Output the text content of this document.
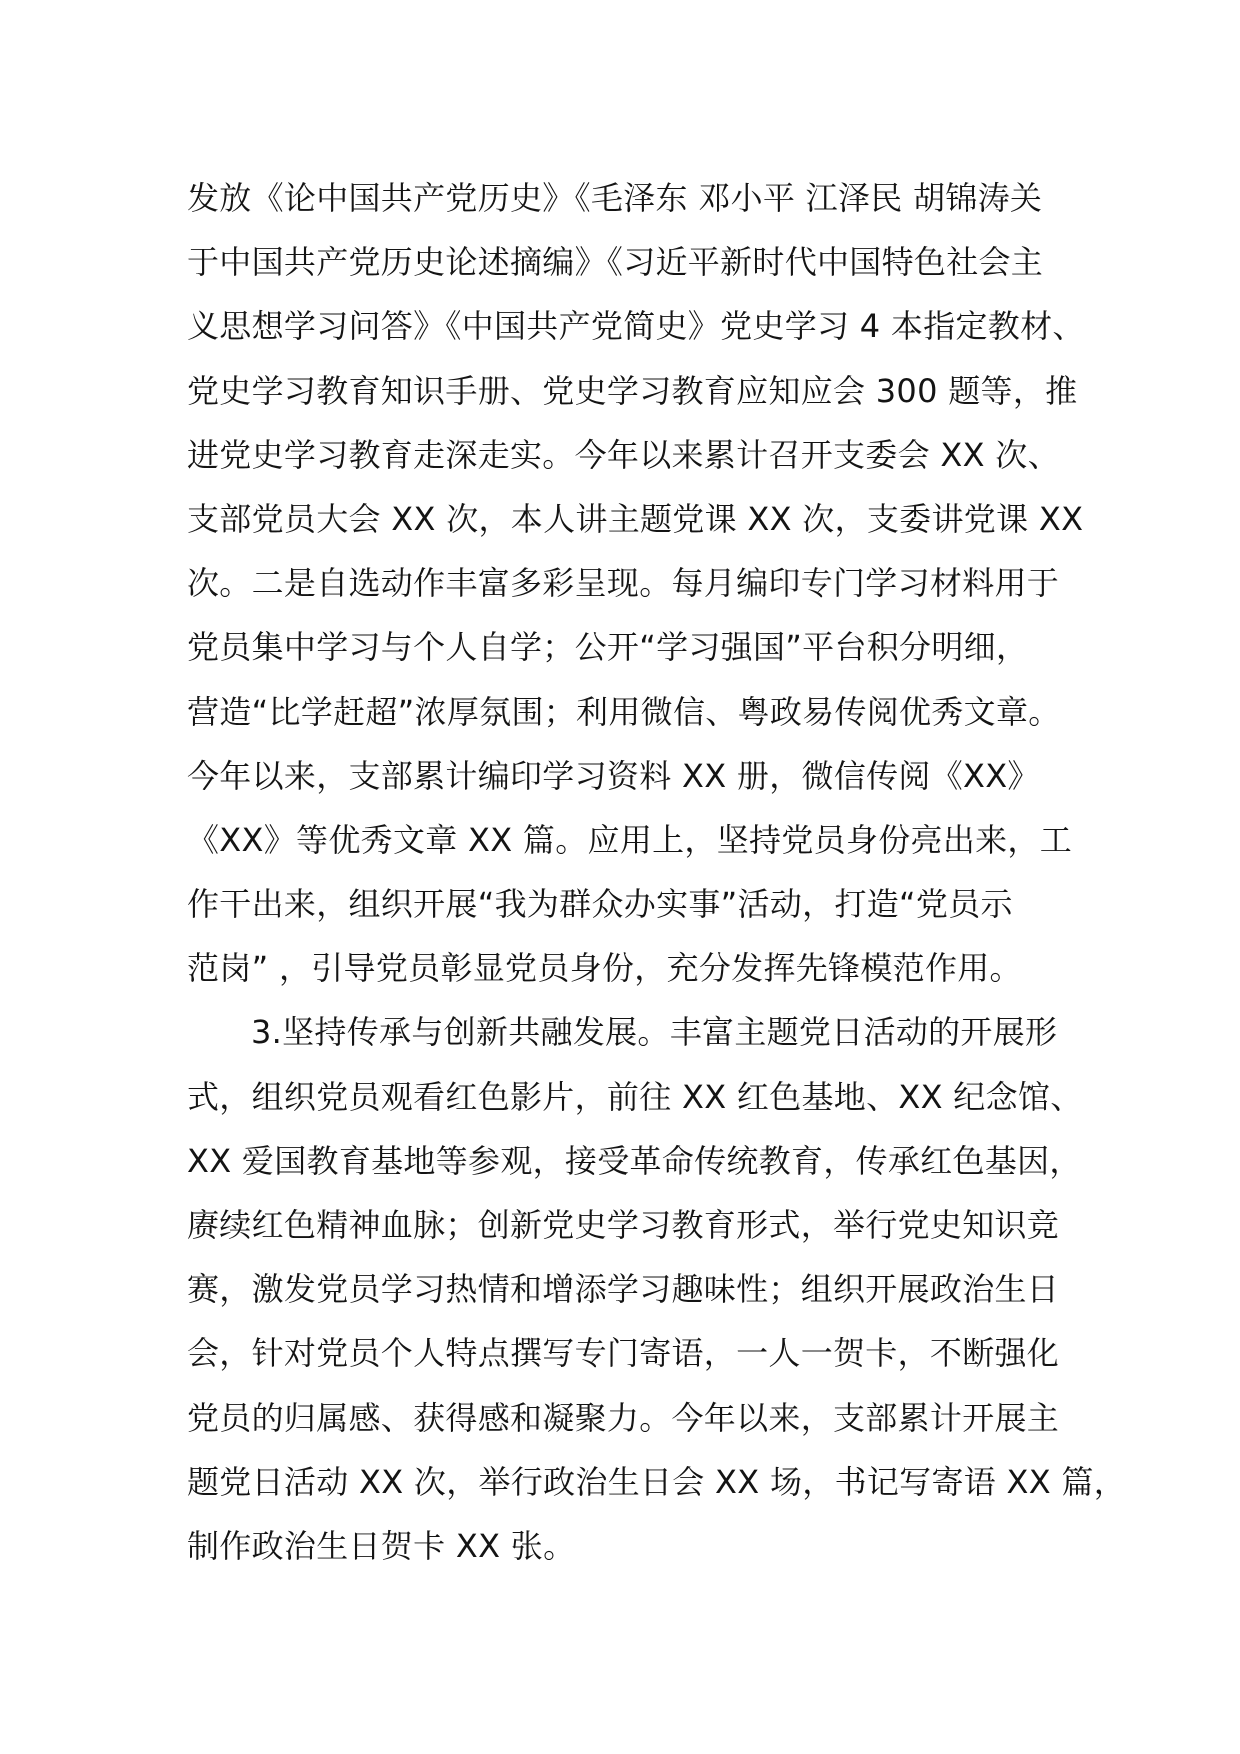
发放《论中国共产党历史》《毛泽东 邓小平 江泽民 胡锦涛关
于中国共产党历史论述摘编》《习近平新时代中国特色社会主
义思想学习问答》《中国共产党简史》党史学习 4 本指定教材、
党史学习教育知识手册、党史学习教育应知应会 300 题等，推
进党史学习教育走深走实。今年以来累计召开支委会 XX 次、
支部党员大会 XX 次，本人讲主题党课 XX 次，支委讲党课 XX
次。二是自选动作丰富多彩呈现。每月编印专门学习材料用于
党员集中学习与个人自学；公开“学习强国”平台积分明细，
营造“比学赶超”浓厚氛围；利用微信、粤政易传阅优秀文章。
今年以来，支部累计编印学习资料 XX 册，微信传阅《XX》
《XX》等优秀文章 XX 篇。应用上，坚持党员身份亮出来，工
作干出来，组织开展“我为群众办实事”活动，打造“党员示
范岗” ，引导党员彰显党员身份，充分发挥先锋模范作用。
3.坚持传承与创新共融发展。丰富主题党日活动的开展形
式，组织党员观看红色影片，前往 XX 红色基地、XX 纪念馆、
XX 爱国教育基地等参观，接受革命传统教育，传承红色基因，
赓续红色精神血脉；创新党史学习教育形式，举行党史知识竞
赛，激发党员学习热情和增添学习趣味性；组织开展政治生日
会，针对党员个人特点撰写专门寄语，一人一贺卡，不断强化
党员的归属感、获得感和凝聚力。今年以来，支部累计开展主
题党日活动 XX 次，举行政治生日会 XX 场，书记写寄语 XX 篇，
制作政治生日贺卡 XX 张。
